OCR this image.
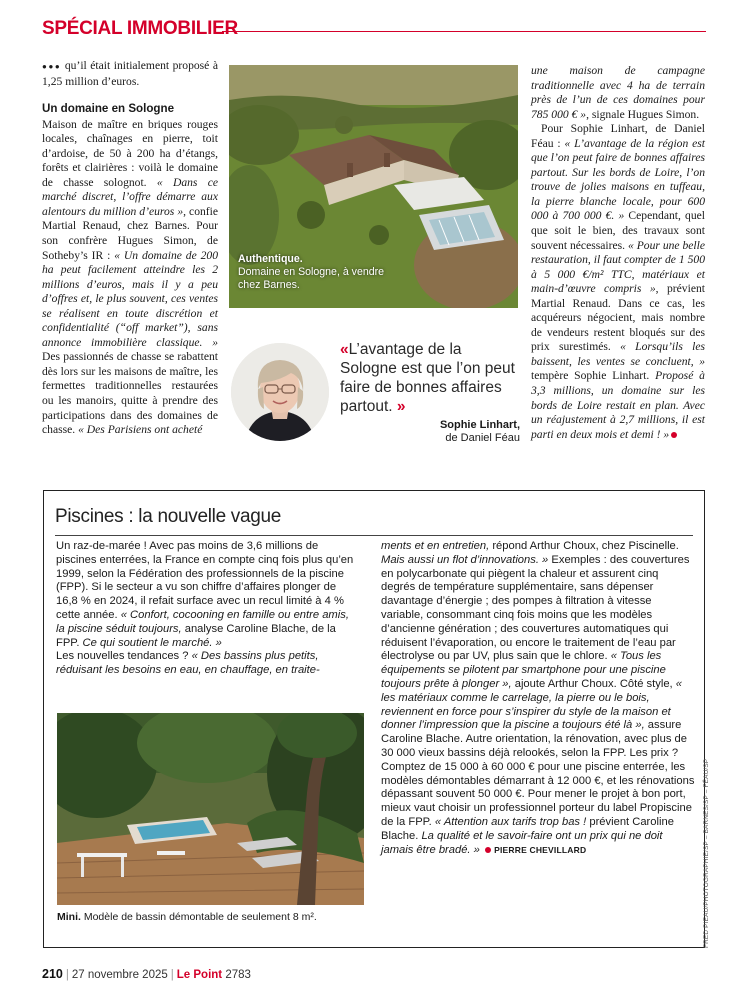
SPÉCIAL IMMOBILIER

●●● qu’il était initialement proposé à 1,25 million d’euros.

Un domaine en Sologne

Maison de maître en briques rouges locales, chaînages en pierre, toit d’ardoise, de 50 à 200 ha d’étangs, forêts et clairières : voilà le domaine de chasse solognot. « Dans ce marché discret, l’offre démarre aux alentours du million d’euros », confie Martial Renaud, chez Barnes. Pour son confrère Hugues Simon, de Sotheby’s IR : « Un domaine de 200 ha peut facilement atteindre les 2 millions d’euros, mais il y a peu d’offres et, le plus souvent, ces ventes se réalisent en toute discrétion et confidentialité (“off market”), sans annonce immobilière classique. » Des passionnés de chasse se rabattent dès lors sur les maisons de maître, les fermettes traditionnelles restaurées ou les manoirs, quitte à prendre des participations dans des domaines de chasse. « Des Parisiens ont acheté

Authentique.
Domaine en Sologne, à vendre chez Barnes.
«L’avantage de la Sologne est que l’on peut faire de bonnes affaires partout. »
Sophie Linhart,
de Daniel Féau

une maison de campagne traditionnelle avec 4 ha de terrain près de l’un de ces domaines pour 785 000 € », signale Hugues Simon.

Pour Sophie Linhart, de Daniel Féau : « L’avantage de la région est que l’on peut faire de bonnes affaires partout. Sur les bords de Loire, l’on trouve de jolies maisons en tuffeau, la pierre blanche locale, pour 600 000 à 700 000 €. » Cependant, quel que soit le bien, des travaux sont souvent nécessaires. « Pour une belle restauration, il faut compter de 1 500 à 5 000 €/m² TTC, matériaux et main-d’œuvre compris », prévient Martial Renaud. Dans ce cas, les acquéreurs négocient, mais nombre de vendeurs restent bloqués sur des prix surestimés. « Lorsqu’ils les baissent, les ventes se concluent, » tempère Sophie Linhart. Proposé à 3,3 millions, un domaine sur les bords de Loire restait en plan. Avec un réajustement à 2,7 millions, il est parti en deux mois et demi ! »

Piscines : la nouvelle vague

Un raz-de-marée ! Avec pas moins de 3,6 millions de piscines enterrées, la France en compte cinq fois plus qu’en 1999, selon la Fédération des professionnels de la piscine (FPP). Si le secteur a vu son chiffre d’affaires plonger de 16,8 % en 2024, il refait surface avec un recul limité à 4 % cette année. « Confort, cocooning en famille ou entre amis, la piscine séduit toujours, analyse Caroline Blache, de la FPP. Ce qui soutient le marché. »

Les nouvelles tendances ? « Des bassins plus petits, réduisant les besoins en eau, en chauffage, en traite-

Mini. Modèle de bassin démontable de seulement 8 m².

ments et en entretien, répond Arthur Choux, chez Piscinelle. Mais aussi un flot d’innovations. » Exemples : des couvertures en polycarbonate qui piègent la chaleur et assurent cinq degrés de température supplémentaire, sans dépenser davantage d’énergie ; des pompes à filtration à vitesse variable, consommant cinq fois moins que les modèles d’ancienne génération ; des couvertures automatiques qui réduisent l’évaporation, ou encore le traitement de l’eau par électrolyse ou par UV, plus sain que le chlore. « Tous les équipements se pilotent par smartphone pour une piscine toujours prête à plonger », ajoute Arthur Choux. Côté style, « les matériaux comme le carrelage, la pierre ou le bois, reviennent en force pour s’inspirer du style de la maison et donner l’impression que la piscine a toujours été là », assure Caroline Blache. Autre orientation, la rénovation, avec plus de 30 000 vieux bassins déjà relookés, selon la FPP. Les prix ? Comptez de 15 000 à 60 000 € pour une piscine enterrée, les modèles démontables démarrant à 12 000 €, et les rénovations dépassant souvent 50 000 €. Pour mener le projet à bon port, mieux vaut choisir un professionnel porteur du label Propiscine de la FPP. « Attention aux tarifs trop bas ! prévient Caroline Blache. La qualité et le savoir-faire ont un prix qui ne doit jamais être bradé. » PIERRE CHEVILLARD	FRED PIEAU/PHOTOGRAPHIE/SP – BARNES/SP – FÉAU/SP
210 | 27 novembre 2025 | Le Point 2783
